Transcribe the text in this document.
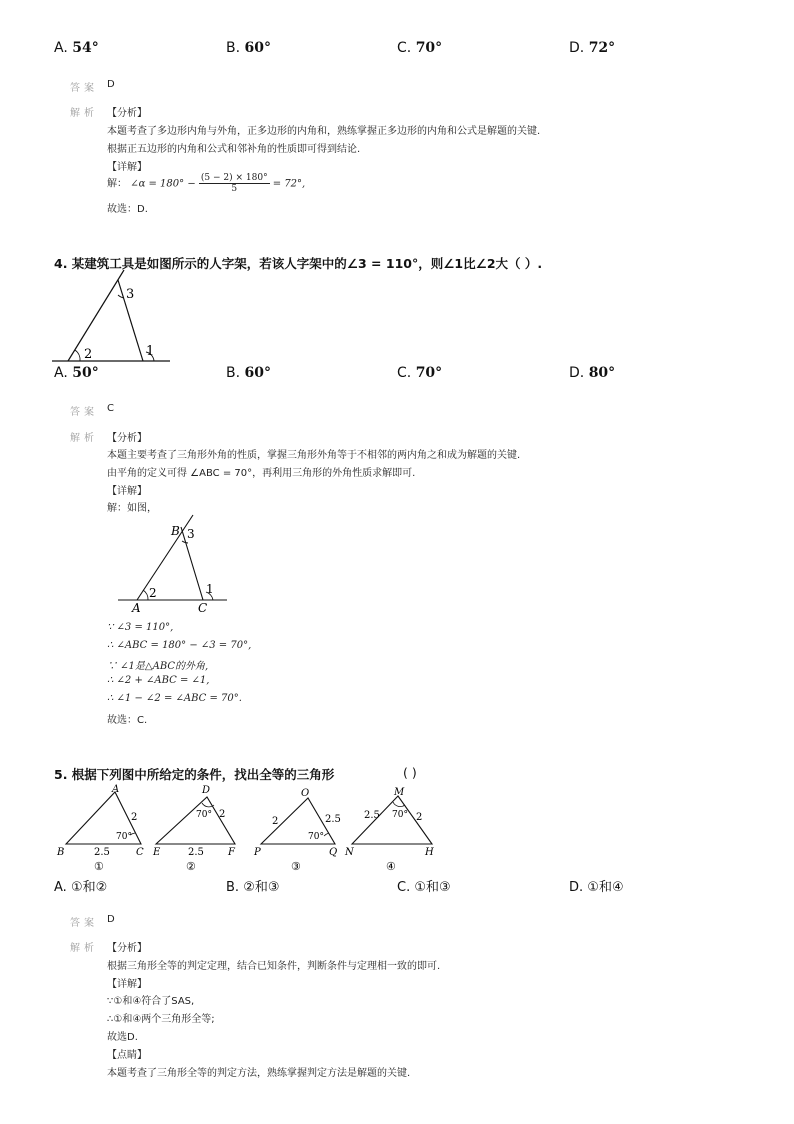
A. 54°	B. 60°	C. 70°	D. 72°
答案 D
解析 【分析】
本题考查了多边形内角与外角，正多边形的内角和，熟练掌握正多边形的内角和公式是解题的关键.
根据正五边形的内角和公式和邻补角的性质即可得到结论.
【详解】
解： ∠α = $180^\circ - \frac{(5 - 2) \times 180^\circ}{5} = 72^\circ$,
故选：D.
4. 某建筑工具是如图所示的人字架，若该人字架中的∠3 = 110°，则∠1比∠2大（ ）.
3
2	1
A. 50°	B. 60°	C. 70°	D. 80°
答案 C
解析 【分析】
本题主要考查了三角形外角的性质，掌握三角形外角等于不相邻的两内角之和成为解题的关键.
由平角的定义可得 ∠ABC = 70°，再利用三角形的外角性质求解即可.
【详解】
解：如图，
B 3
2	1
A	C
∵ ∠3 = 110°,
∴ ∠ABC = 180° − ∠3 = 70°,
∵ ∠1是△ABC的外角,
∴ ∠2 + ∠ABC = ∠1,
∴ ∠1 − ∠2 = ∠ABC = 70°.
故选：C.
5. 根据下列图中所给定的条件，找出全等的三角形	( )
A
B	C
2
2.5
70°
①
D
E	F
2
2.5
70°
②
O
P	Q
2	2.5
70°
③
M
N	H
2.5	2
70°
④
A. ①和②	B. ②和③	C. ①和③	D. ①和④
答案 D
解析 【分析】
根据三角形全等的判定定理，结合已知条件，判断条件与定理相一致的即可.
【详解】
∵①和④符合了SAS,
∴①和④两个三角形全等;
故选D.
【点睛】
本题考查了三角形全等的判定方法，熟练掌握判定方法是解题的关键.
